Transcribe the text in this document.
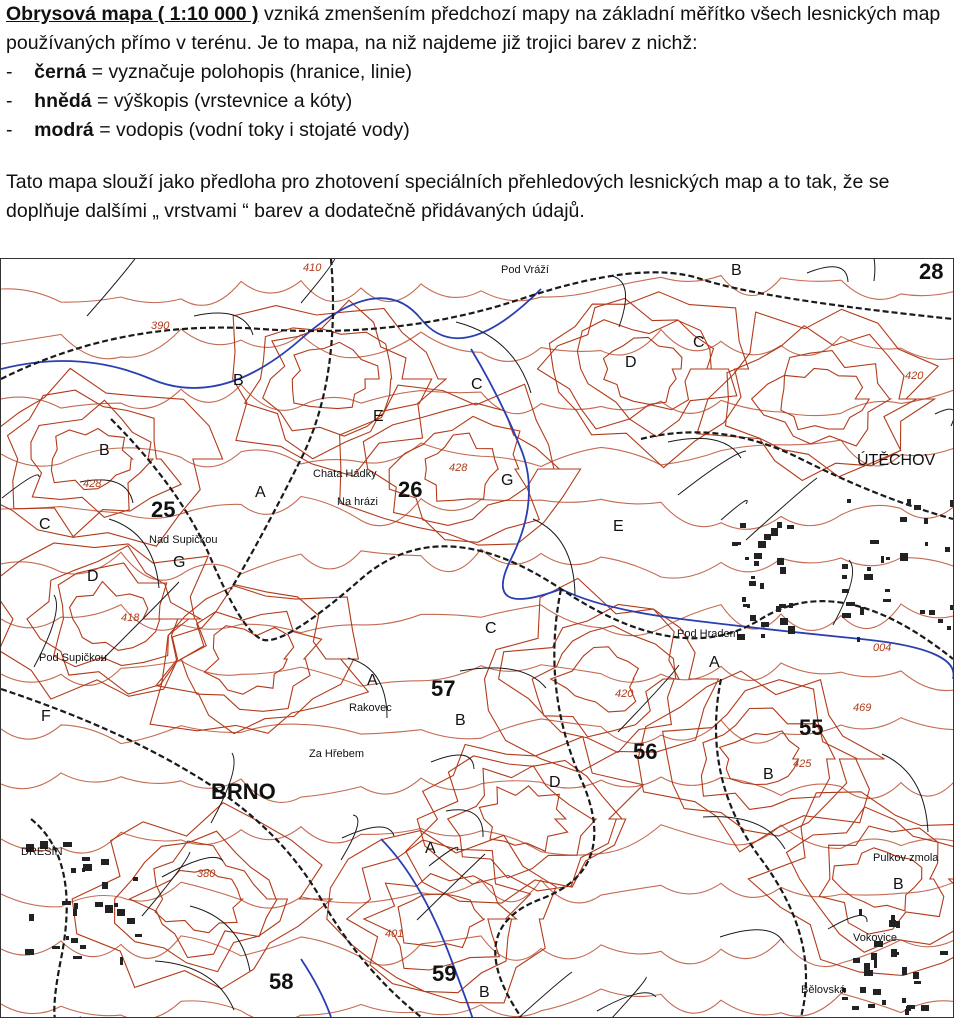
Obrysová mapa ( 1:10 000 ) vzniká zmenšením předchozí mapy na základní měřítko všech lesnických map používaných přímo v terénu. Je to mapa, na niž najdeme již trojici barev z nichž:

- černá = vyznačuje polohopis (hranice, linie)
- hnědá = výškopis (vrstevnice a kóty)
- modrá = vodopis (vodní toky i stojaté vody)

Tato mapa slouží jako předloha pro zhotovení speciálních přehledových lesnických map a to tak, že se doplňuje dalšími „ vrstvami “ barev a dodatečně přidávaných údajů.

25
26
28
55
56
57
58	59
BRNO
ÚTĚCHOV
DRESÍN
Chata Hádky
Za Hřebem
Na hrázi
Nad Supičkou
Rakovec
Pod Supičkou
Pulkov zmola
Pod Hradem
Pod Vráží
Vokovice
Bělovská
B
B
C
D
F
G
A
E
C
G
D
C
E
B
A
B
D
C
A
B
B
A
B
428
418
428
420
469
425
401
380
410
390
420
004
